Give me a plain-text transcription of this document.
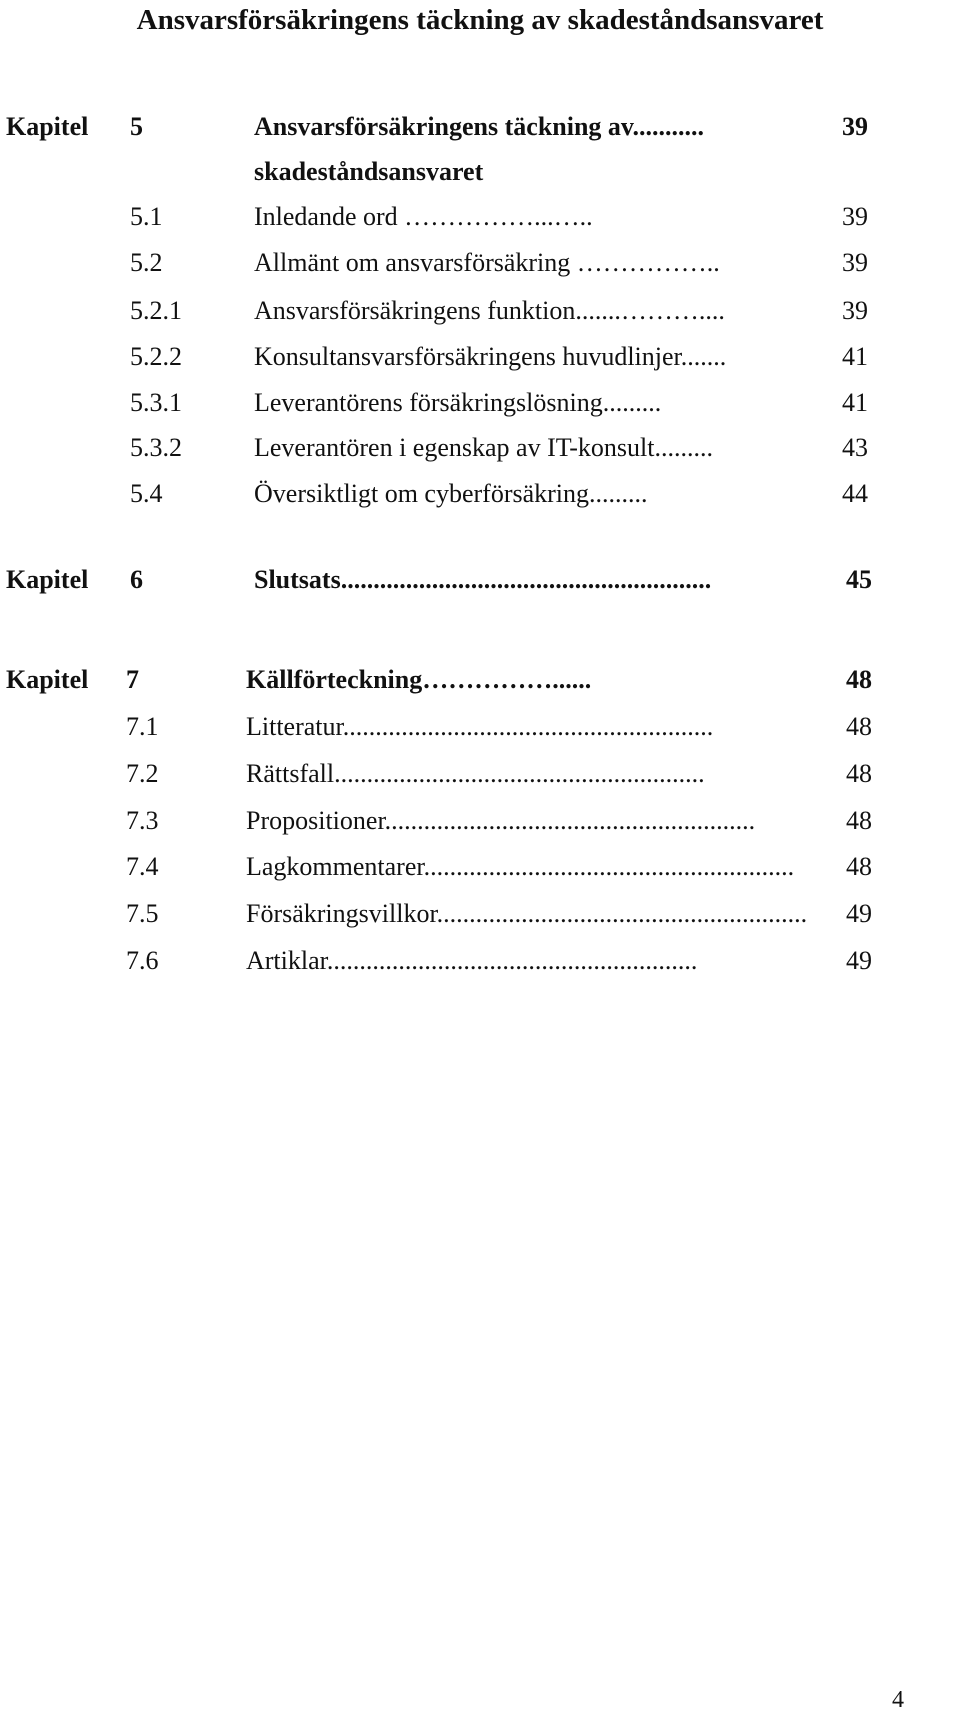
Ansvarsförsäkringens täckning av skadeståndsansvaret
Kapitel 5	Ansvarsförsäkringens täckning av...........	39
skadeståndsansvaret
5.1	Inledande ord ……………...…..	39
5.2	Allmänt om ansvarsförsäkring ……………..	39
5.2.1	Ansvarsförsäkringens funktion.......………....	39
5.2.2	Konsultansvarsförsäkringens huvudlinjer.......	41
5.3.1	Leverantörens försäkringslösning.........	41
5.3.2	Leverantören i egenskap av IT-konsult.........	43
5.4	Översiktligt om cyberförsäkring.........	44
Kapitel 6	Slutsats.........................................................	45
Kapitel 7	Källförteckning……………......	48
7.1	Litteratur.........................................................	48
7.2	Rättsfall.........................................................	48
7.3	Propositioner.........................................................	48
7.4	Lagkommentarer.........................................................	48
7.5	Försäkringsvillkor.........................................................	49
7.6	Artiklar.........................................................	49
4
